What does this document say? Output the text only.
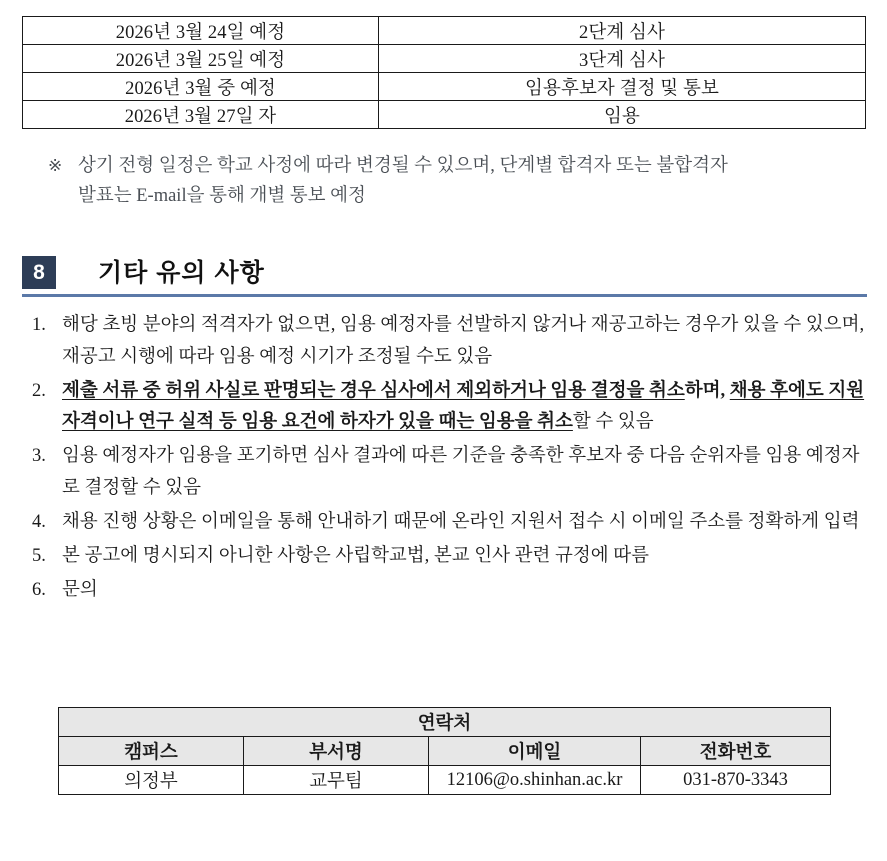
2026년 3월 24일 예정	2단계 심사
2026년 3월 25일 예정	3단계 심사
2026년 3월 중 예정	임용후보자 결정 및 통보
2026년 3월 27일 자	임용
※ 상기 전형 일정은 학교 사정에 따라 변경될 수 있으며, 단계별 합격자 또는 불합격자
발표는 E-mail을 통해 개별 통보 예정
8	기타 유의 사항
1. 해당 초빙 분야의 적격자가 없으면, 임용 예정자를 선발하지 않거나 재공고하는 경우가 있을 수 있으며, 재공고 시행에 따라 임용 예정 시기가 조정될 수도 있음
2. 제출 서류 중 허위 사실로 판명되는 경우 심사에서 제외하거나 임용 결정을 취소하며, 채용 후에도 지원 자격이나 연구 실적 등 임용 요건에 하자가 있을 때는 임용을 취소할 수 있음
3. 임용 예정자가 임용을 포기하면 심사 결과에 따른 기준을 충족한 후보자 중 다음 순위자를 임용 예정자로 결정할 수 있음
4. 채용 진행 상황은 이메일을 통해 안내하기 때문에 온라인 지원서 접수 시 이메일 주소를 정확하게 입력
5. 본 공고에 명시되지 아니한 사항은 사립학교법, 본교 인사 관련 규정에 따름
6. 문의
연락처			
캠퍼스	부서명	이메일	전화번호
의정부	교무팀	12106@o.shinhan.ac.kr	031-870-3343
